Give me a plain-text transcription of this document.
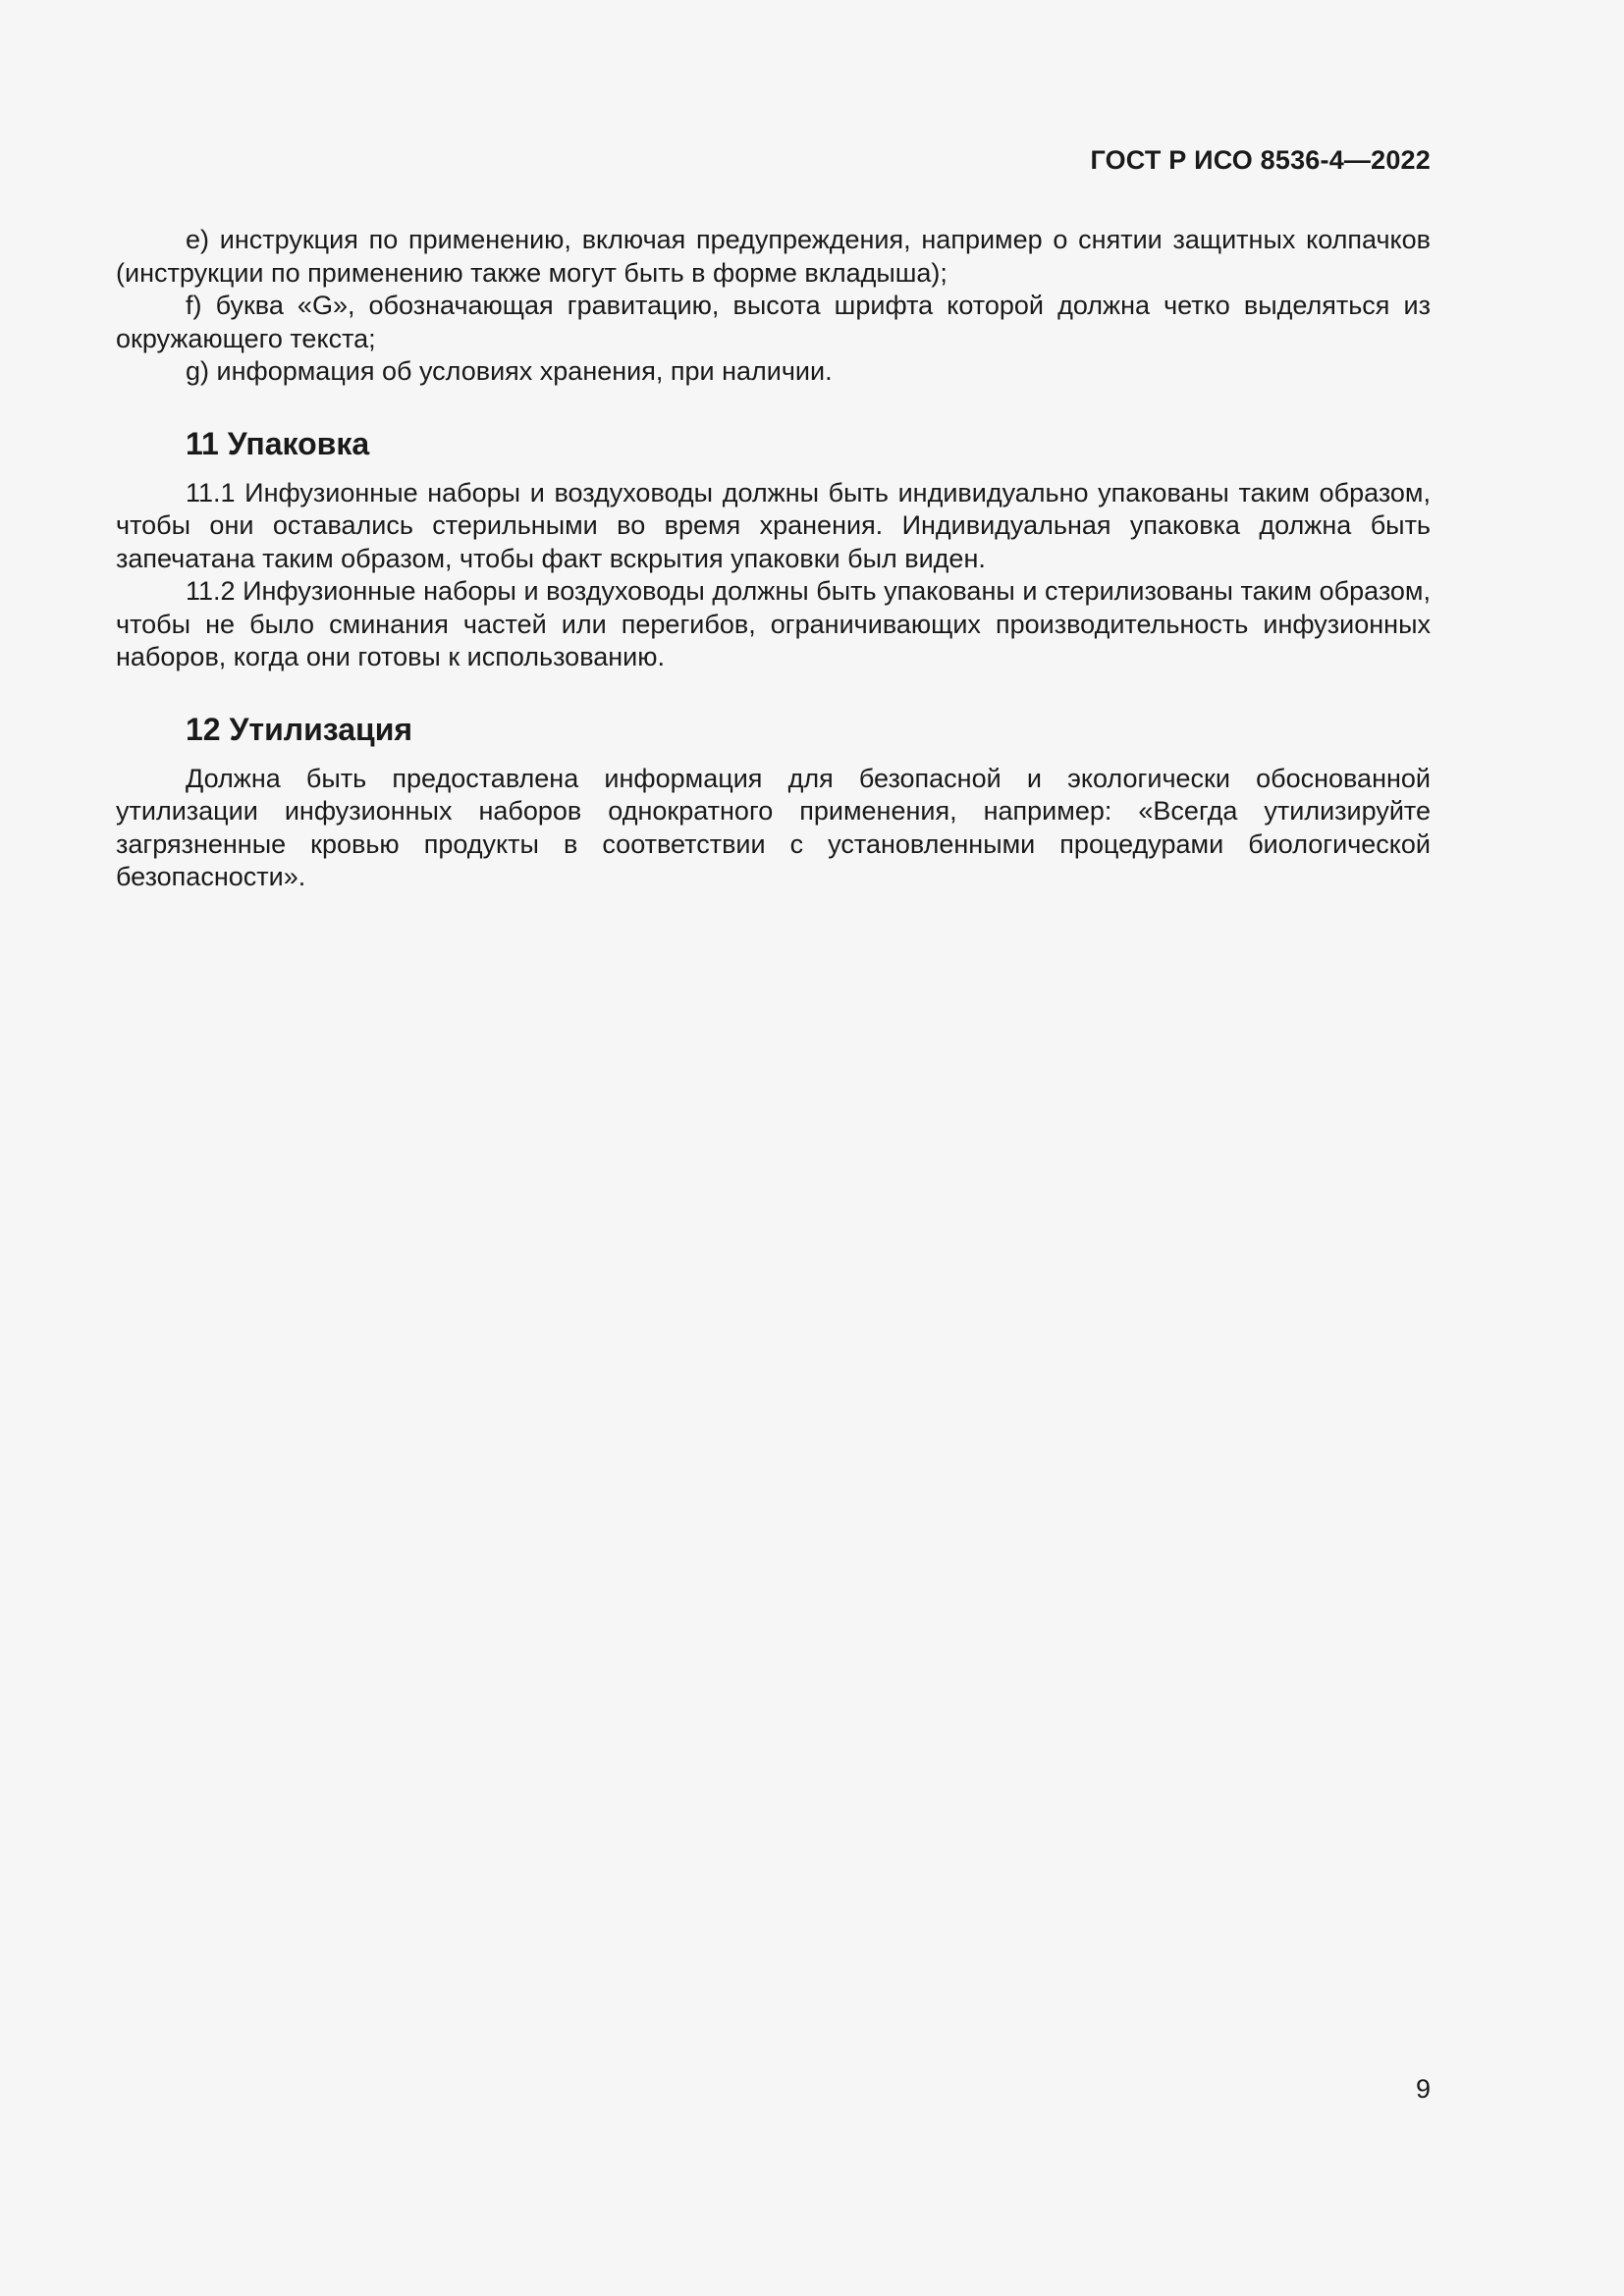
ГОСТ Р ИСО 8536-4—2022

е) инструкция по применению, включая предупреждения, например о снятии защитных колпачков (инструкции по применению также могут быть в форме вкладыша);

f) буква «G», обозначающая гравитацию, высота шрифта которой должна четко выделяться из окружающего текста;

g) информация об условиях хранения, при наличии.

11 Упаковка

11.1 Инфузионные наборы и воздуховоды должны быть индивидуально упакованы таким образом, чтобы они оставались стерильными во время хранения. Индивидуальная упаковка должна быть запечатана таким образом, чтобы факт вскрытия упаковки был виден.

11.2 Инфузионные наборы и воздуховоды должны быть упакованы и стерилизованы таким образом, чтобы не было сминания частей или перегибов, ограничивающих производительность инфузионных наборов, когда они готовы к использованию.

12 Утилизация

Должна быть предоставлена информация для безопасной и экологически обоснованной утилизации инфузионных наборов однократного применения, например: «Всегда утилизируйте загрязненные кровью продукты в соответствии с установленными процедурами биологической безопасности».

9
